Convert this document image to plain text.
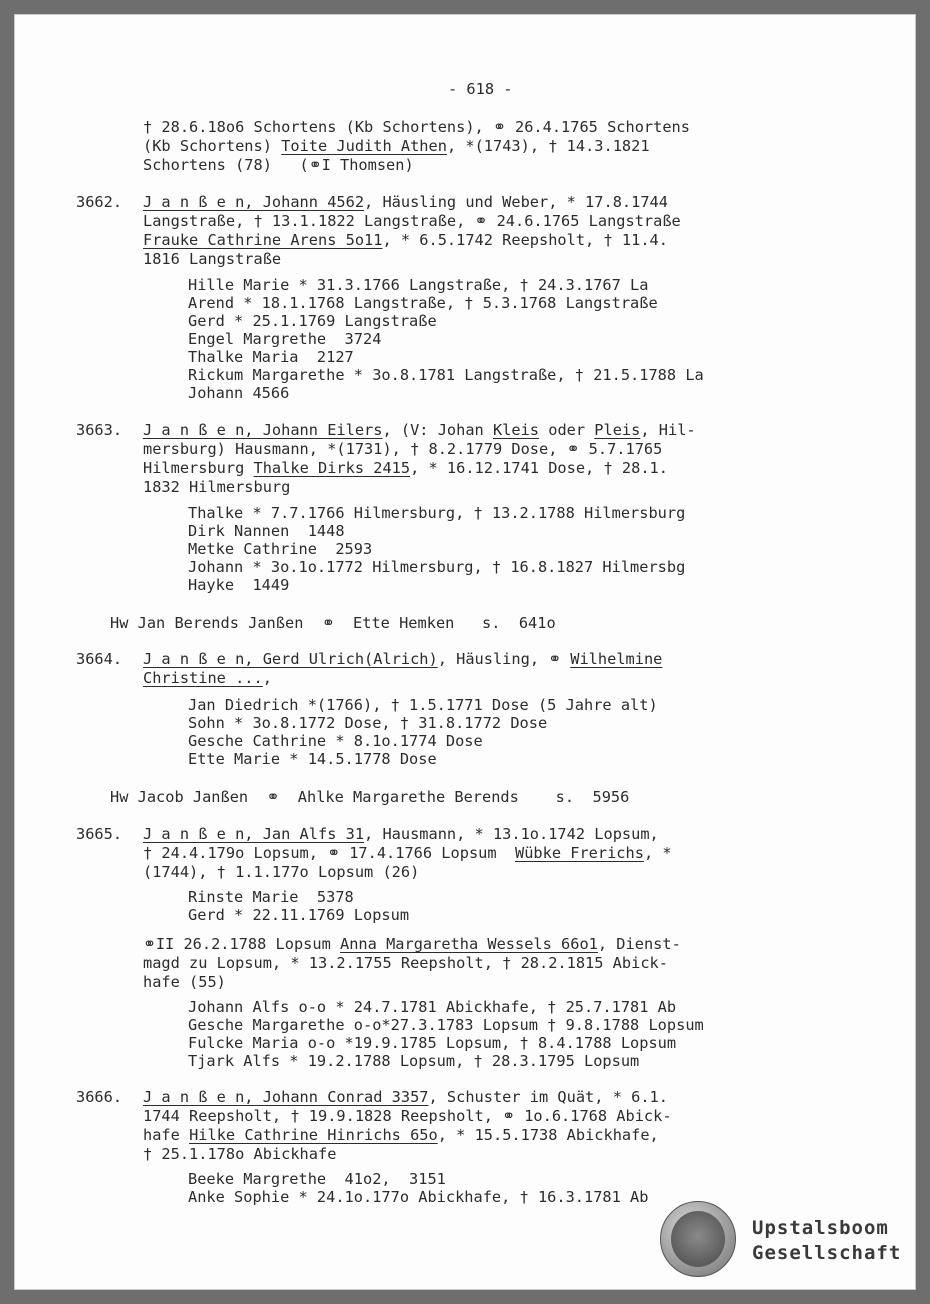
- 618 -
† 28.6.18o6 Schortens (Kb Schortens), ⚭ 26.4.1765 Schortens
(Kb Schortens) Toite Judith Athen, *(1743), † 14.3.1821
Schortens (78)   (⚭I Thomsen)
3662. J a n ß e n, Johann 4562, Häusling und Weber, * 17.8.1744
Langstraße, † 13.1.1822 Langstraße, ⚭ 24.6.1765 Langstraße
Frauke Cathrine Arens 5o11, * 6.5.1742 Reepsholt, † 11.4.
1816 Langstraße
Hille Marie * 31.3.1766 Langstraße, † 24.3.1767 La
Arend * 18.1.1768 Langstraße, † 5.3.1768 Langstraße
Gerd * 25.1.1769 Langstraße
Engel Margrethe  3724
Thalke Maria  2127
Rickum Margarethe * 3o.8.1781 Langstraße, † 21.5.1788 La
Johann 4566
3663. J a n ß e n, Johann Eilers, (V: Johan Kleis oder Pleis, Hil-
mersburg) Hausmann, *(1731), † 8.2.1779 Dose, ⚭ 5.7.1765
Hilmersburg Thalke Dirks 2415, * 16.12.1741 Dose, † 28.1.
1832 Hilmersburg
Thalke * 7.7.1766 Hilmersburg, † 13.2.1788 Hilmersburg
Dirk Nannen  1448
Metke Cathrine  2593
Johann * 3o.1o.1772 Hilmersburg, † 16.8.1827 Hilmersbg
Hayke  1449
Hw Jan Berends Janßen  ⚭  Ette Hemken   s.  641o
3664. J a n ß e n, Gerd Ulrich(Alrich), Häusling, ⚭ Wilhelmine
Christine ...,
Jan Diedrich *(1766), † 1.5.1771 Dose (5 Jahre alt)
Sohn * 3o.8.1772 Dose, † 31.8.1772 Dose
Gesche Cathrine * 8.1o.1774 Dose
Ette Marie * 14.5.1778 Dose
Hw Jacob Janßen  ⚭  Ahlke Margarethe Berends    s.  5956
3665. J a n ß e n, Jan Alfs 31, Hausmann, * 13.1o.1742 Lopsum,
† 24.4.179o Lopsum, ⚭ 17.4.1766 Lopsum  Wübke Frerichs, *
(1744), † 1.1.177o Lopsum (26)
Rinste Marie  5378
Gerd * 22.11.1769 Lopsum
⚭II 26.2.1788 Lopsum Anna Margaretha Wessels 66o1, Dienst-
magd zu Lopsum, * 13.2.1755 Reepsholt, † 28.2.1815 Abick-
hafe (55)
Johann Alfs o-o * 24.7.1781 Abickhafe, † 25.7.1781 Ab
Gesche Margarethe o-o*27.3.1783 Lopsum † 9.8.1788 Lopsum
Fulcke Maria o-o *19.9.1785 Lopsum, † 8.4.1788 Lopsum
Tjark Alfs * 19.2.1788 Lopsum, † 28.3.1795 Lopsum
3666. J a n ß e n, Johann Conrad 3357, Schuster im Quät, * 6.1.
1744 Reepsholt, † 19.9.1828 Reepsholt, ⚭ 1o.6.1768 Abick-
hafe Hilke Cathrine Hinrichs 65o, * 15.5.1738 Abickhafe,
† 25.1.178o Abickhafe
Beeke Margrethe  41o2,  3151
Anke Sophie * 24.1o.177o Abickhafe, † 16.3.1781 Ab
Upstalsboom
Gesellschaft
